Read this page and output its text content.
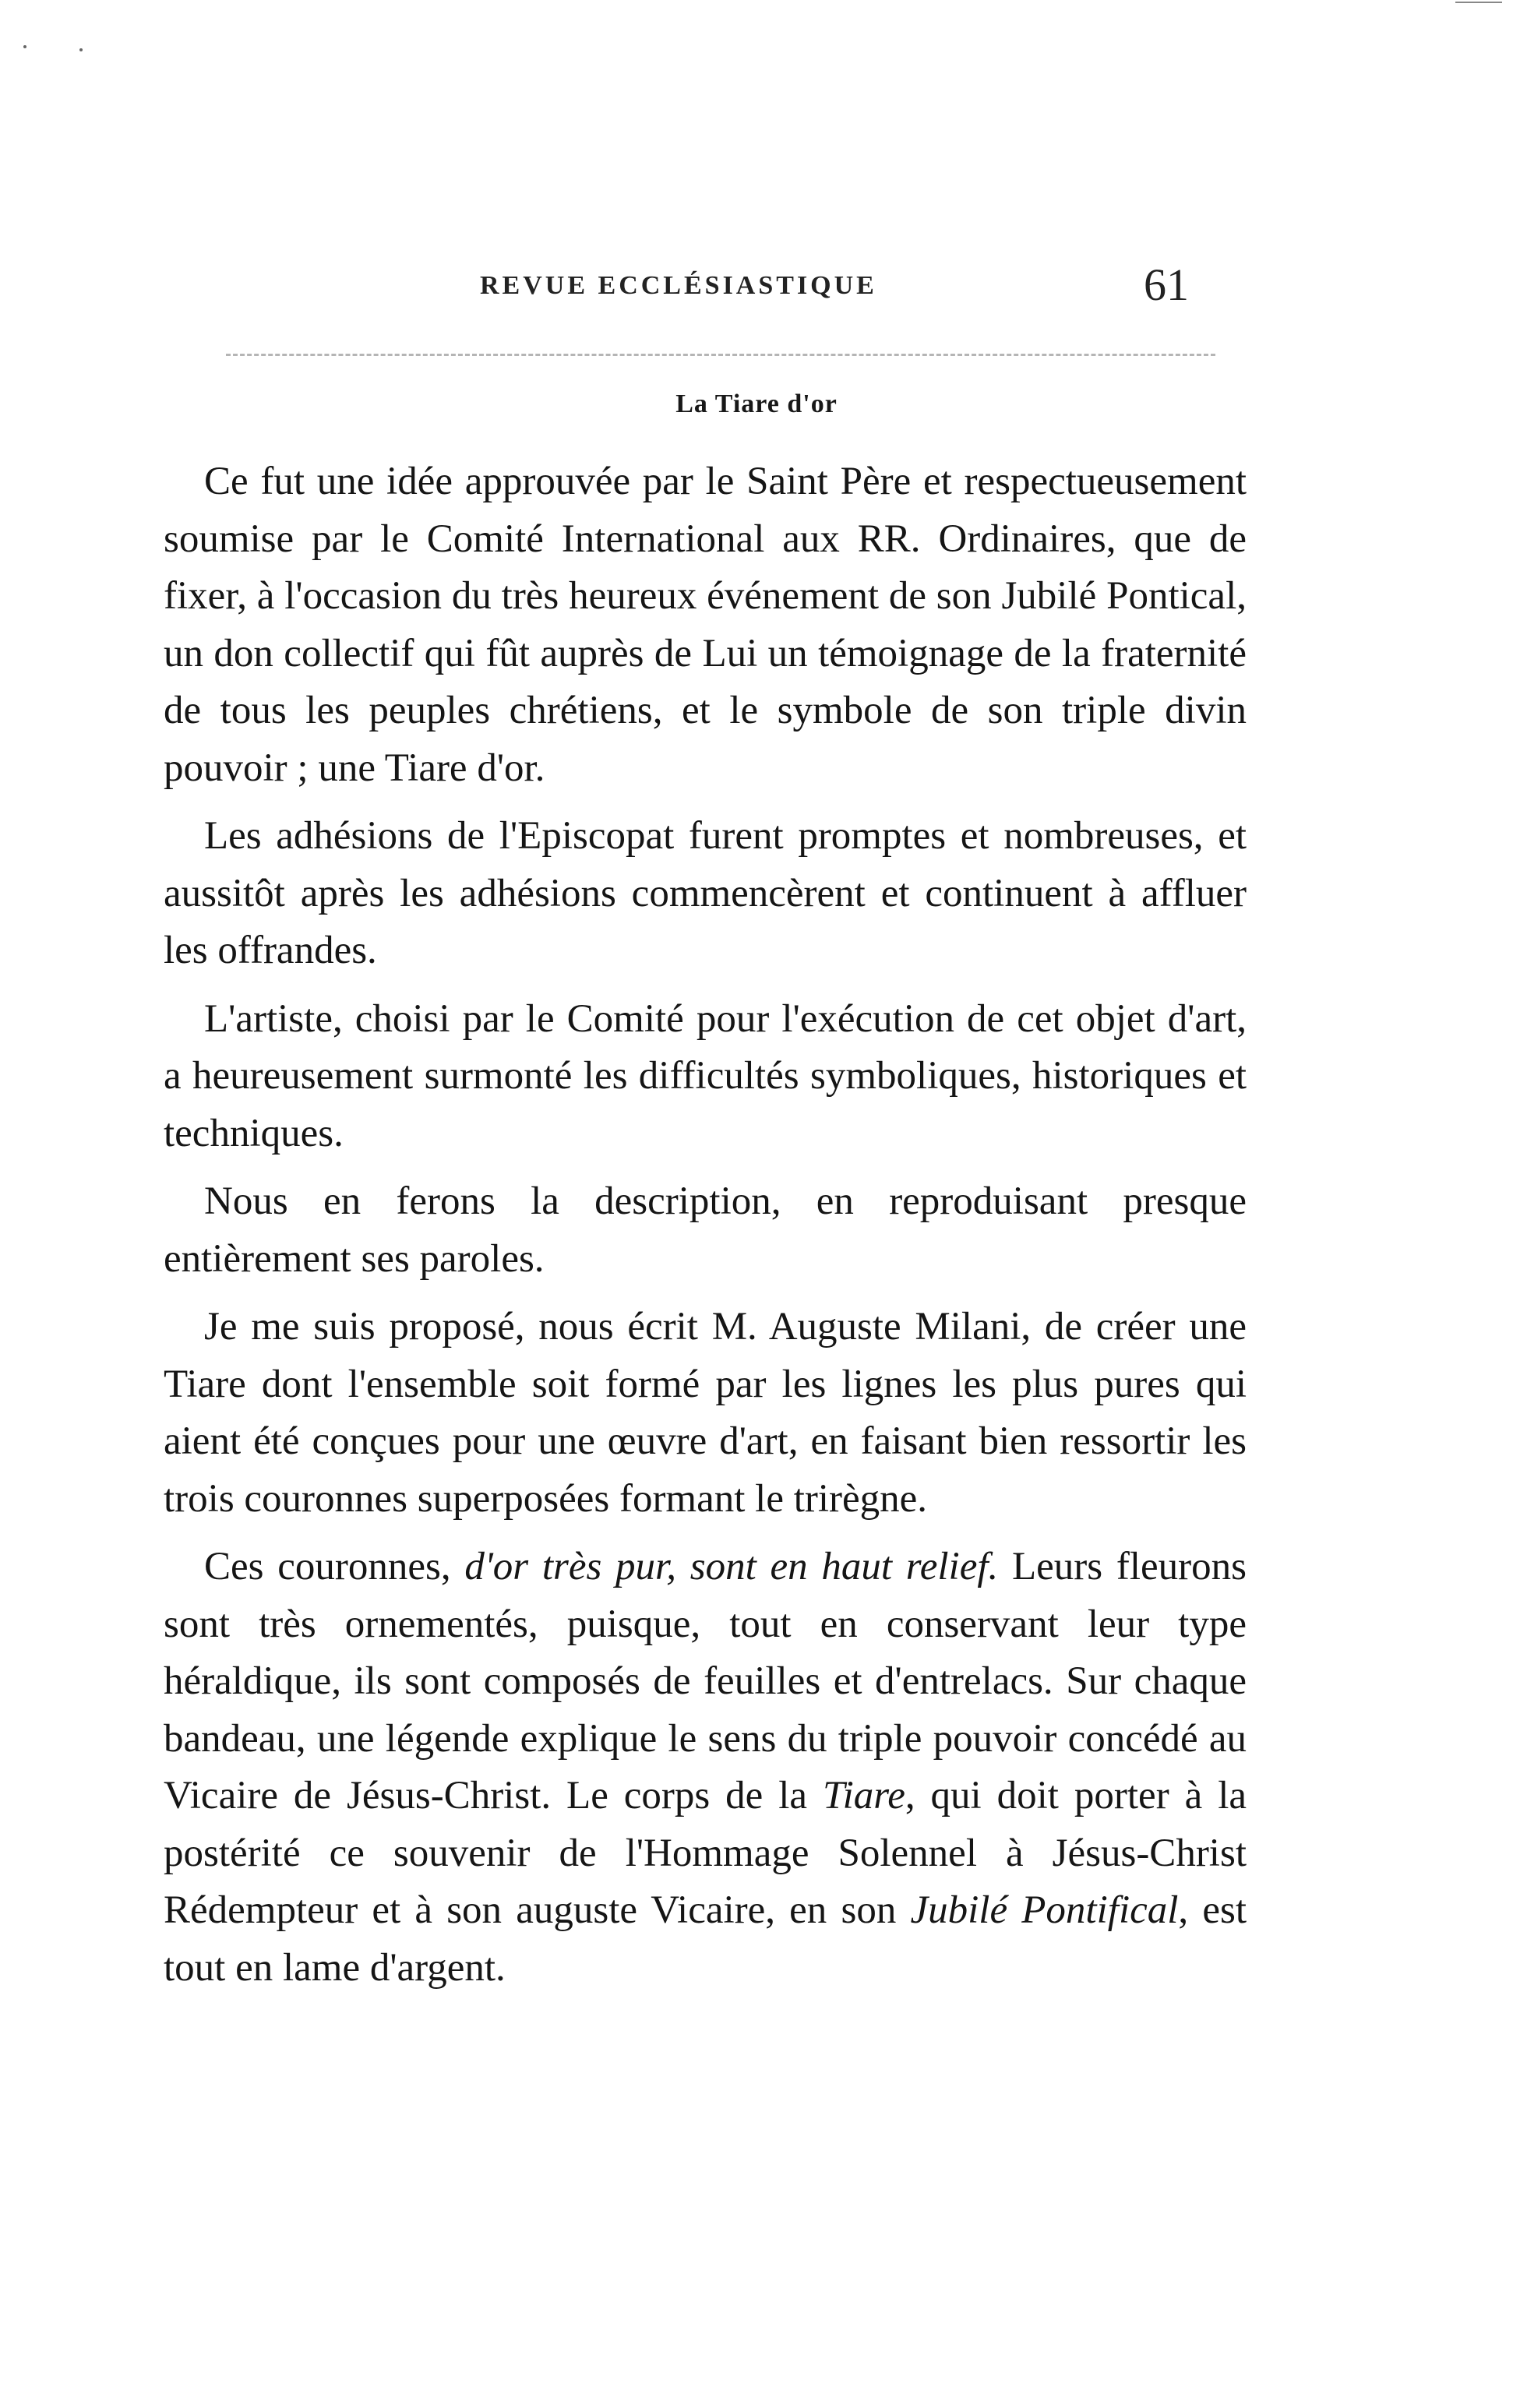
REVUE ECCLÉSIASTIQUE	61
La Tiare d'or

Ce fut une idée approuvée par le Saint Père et respectueusement soumise par le Comité International aux RR. Ordinaires, que de fixer, à l'occasion du très heureux événement de son Jubilé Pontical, un don collectif qui fût auprès de Lui un témoignage de la fraternité de tous les peuples chrétiens, et le symbole de son triple divin pouvoir ; une Tiare d'or.

Les adhésions de l'Episcopat furent promptes et nombreuses, et aussitôt après les adhésions commencèrent et continuent à affluer les offrandes.

L'artiste, choisi par le Comité pour l'exécution de cet objet d'art, a heureusement surmonté les difficultés symboliques, historiques et techniques.

Nous en ferons la description, en reproduisant presque entièrement ses paroles.

Je me suis proposé, nous écrit M. Auguste Milani, de créer une Tiare dont l'ensemble soit formé par les lignes les plus pures qui aient été conçues pour une œuvre d'art, en faisant bien ressortir les trois couronnes superposées formant le trirègne.

Ces couronnes, d'or très pur, sont en haut relief. Leurs fleurons sont très ornementés, puisque, tout en conservant leur type héraldique, ils sont composés de feuilles et d'entrelacs. Sur chaque bandeau, une légende explique le sens du triple pouvoir concédé au Vicaire de Jésus-Christ. Le corps de la Tiare, qui doit porter à la postérité ce souvenir de l'Hommage Solennel à Jésus-Christ Rédempteur et à son auguste Vicaire, en son Jubilé Pontifical, est tout en lame d'argent.
